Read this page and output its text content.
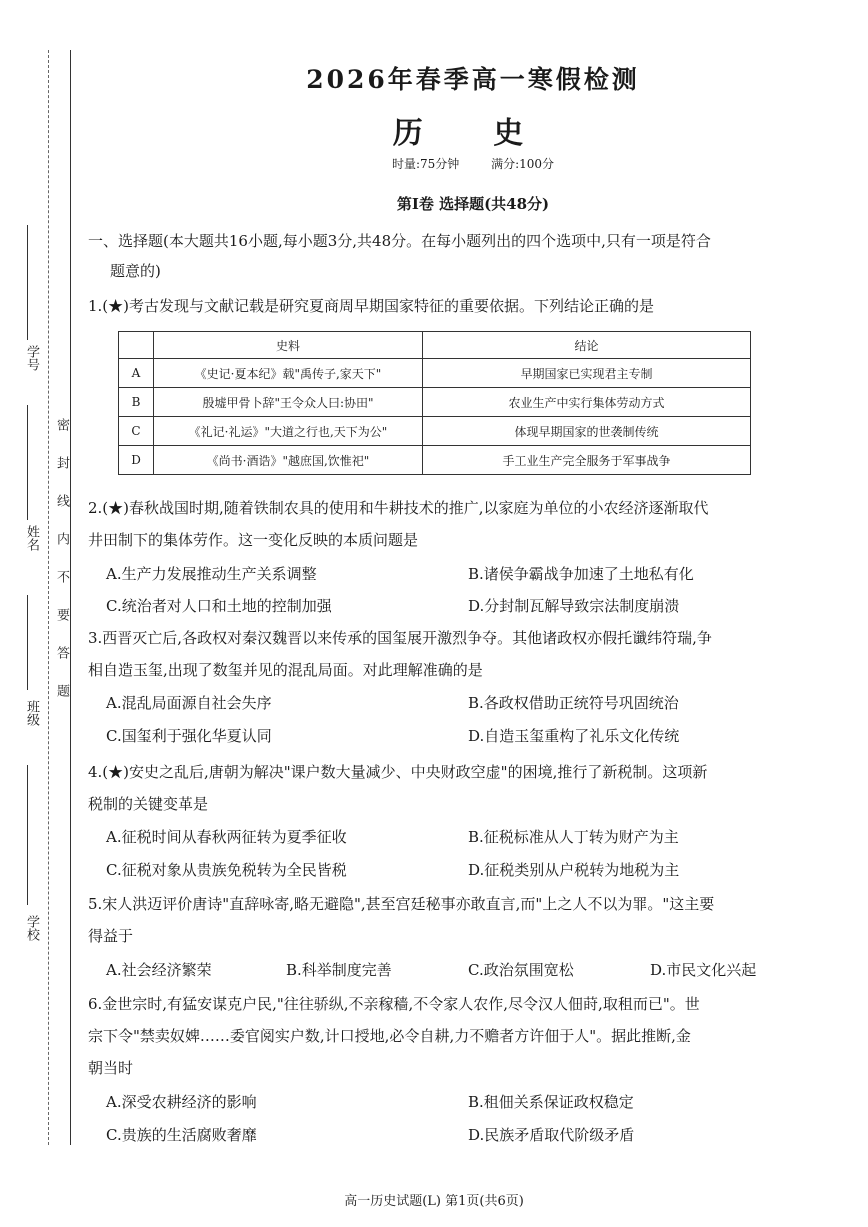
学号
姓名
班级
学校
密封线内不要答题
2026年春季高一寒假检测
历 史
时量:75分钟	满分:100分
第Ⅰ卷 选择题(共48分)
一、选择题(本大题共16小题,每小题3分,共48分。在每小题列出的四个选项中,只有一项是符合
题意的)
1.(★)考古发现与文献记载是研究夏商周早期国家特征的重要依据。下列结论正确的是
	史料	结论
A	《史记·夏本纪》载"禹传子,家天下"	早期国家已实现君主专制
B	殷墟甲骨卜辞"王令众人曰:协田"	农业生产中实行集体劳动方式
C	《礼记·礼运》"大道之行也,天下为公"	体现早期国家的世袭制传统
D	《尚书·酒诰》"越庶国,饮惟祀"	手工业生产完全服务于军事战争
2.(★)春秋战国时期,随着铁制农具的使用和牛耕技术的推广,以家庭为单位的小农经济逐渐取代
井田制下的集体劳作。这一变化反映的本质问题是
A.生产力发展推动生产关系调整	B.诸侯争霸战争加速了土地私有化
C.统治者对人口和土地的控制加强	D.分封制瓦解导致宗法制度崩溃
3.西晋灭亡后,各政权对秦汉魏晋以来传承的国玺展开激烈争夺。其他诸政权亦假托谶纬符瑞,争
相自造玉玺,出现了数玺并见的混乱局面。对此理解准确的是
A.混乱局面源自社会失序	B.各政权借助正统符号巩固统治
C.国玺利于强化华夏认同	D.自造玉玺重构了礼乐文化传统
4.(★)安史之乱后,唐朝为解决"课户数大量减少、中央财政空虚"的困境,推行了新税制。这项新
税制的关键变革是
A.征税时间从春秋两征转为夏季征收	B.征税标准从人丁转为财产为主
C.征税对象从贵族免税转为全民皆税	D.征税类别从户税转为地税为主
5.宋人洪迈评价唐诗"直辞咏寄,略无避隐",甚至宫廷秘事亦敢直言,而"上之人不以为罪。"这主要
得益于
A.社会经济繁荣	B.科举制度完善	C.政治氛围宽松	D.市民文化兴起
6.金世宗时,有猛安谋克户民,"往往骄纵,不亲稼穑,不令家人农作,尽令汉人佃莳,取租而已"。世
宗下令"禁卖奴婢……委官阅实户数,计口授地,必令自耕,力不赡者方许佃于人"。据此推断,金
朝当时
A.深受农耕经济的影响	B.租佃关系保证政权稳定
C.贵族的生活腐败奢靡	D.民族矛盾取代阶级矛盾
高一历史试题(L) 第1页(共6页)
